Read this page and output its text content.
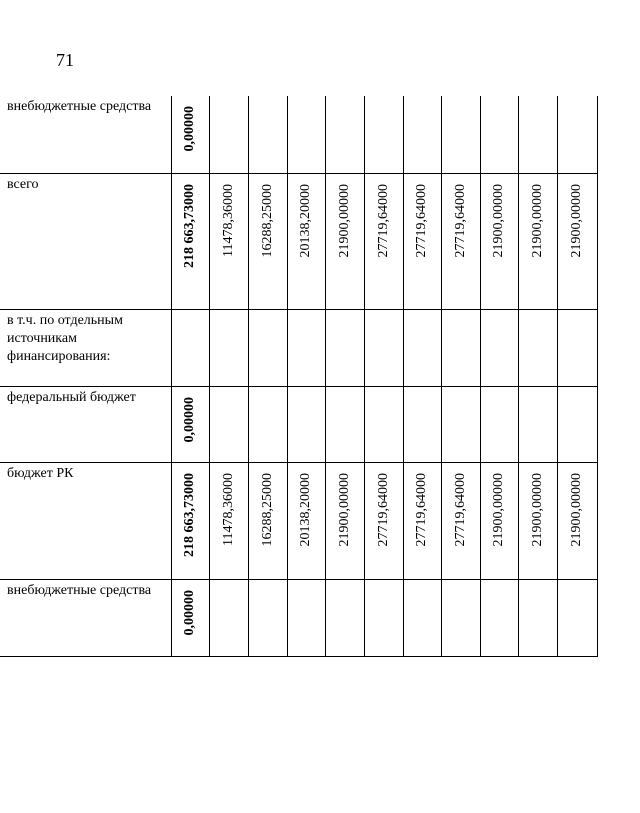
71
внебюджетные средства	0,00000										

всего	218 663,73000	11478,36000	16288,25000	20138,20000	21900,00000	27719,64000	27719,64000	27719,64000	21900,00000	21900,00000	21900,00000

в т.ч. по отдельным источникам финансирования:	

федеральный бюджет	0,00000										

бюджет РК	218 663,73000	11478,36000	16288,25000	20138,20000	21900,00000	27719,64000	27719,64000	27719,64000	21900,00000	21900,00000	21900,00000

внебюджетные средства	0,00000										
